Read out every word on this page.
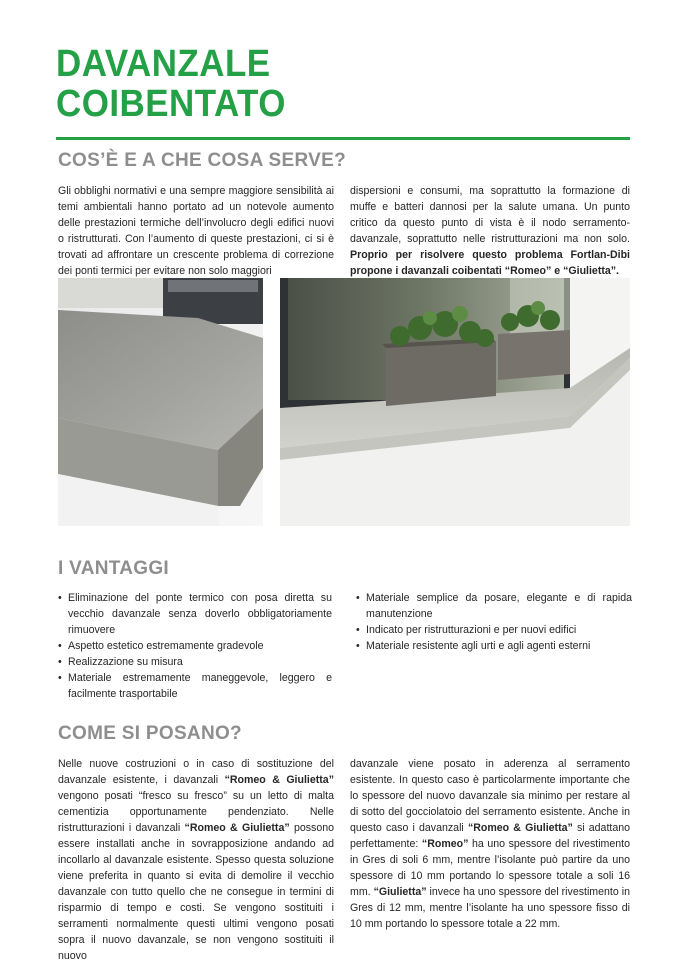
DAVANZALE
COIBENTATO
COS’È E A CHE COSA SERVE?
Gli obblighi normativi e una sempre maggiore sensibilità ai temi ambientali hanno portato ad un notevole aumento delle prestazioni termiche dell’involucro degli edifici nuovi o ristrutturati. Con l’aumento di queste prestazioni, ci si è trovati ad affrontare un crescente problema di correzione dei ponti termici per evitare non solo maggiori
dispersioni e consumi, ma soprattutto la formazione di muffe e batteri dannosi per la salute umana. Un punto critico da questo punto di vista è il nodo serramento-davanzale, soprattutto nelle ristrutturazioni ma non solo. Proprio per risolvere questo problema Fortlan-Dibi propone i davanzali coibentati “Romeo” e “Giulietta”.
I VANTAGGI
• Eliminazione del ponte termico con posa diretta su vecchio davanzale senza doverlo obbligatoriamente rimuovere
• Aspetto estetico estremamente gradevole
• Realizzazione su misura
• Materiale estremamente maneggevole, leggero e facilmente trasportabile
• Materiale semplice da posare, elegante e di rapida manutenzione
• Indicato per ristrutturazioni e per nuovi edifici
• Materiale resistente agli urti e agli agenti esterni
COME SI POSANO?
Nelle nuove costruzioni o in caso di sostituzione del davanzale esistente, i davanzali “Romeo & Giulietta” vengono posati “fresco su fresco” su un letto di malta cementizia opportunamente pendenziato. Nelle ristrutturazioni i davanzali “Romeo & Giulietta” possono essere installati anche in sovrapposizione andando ad incollarlo al davanzale esistente. Spesso questa soluzione viene preferita in quanto si evita di demolire il vecchio davanzale con tutto quello che ne consegue in termini di risparmio di tempo e costi. Se vengono sostituiti i serramenti normalmente questi ultimi vengono posati sopra il nuovo davanzale, se non vengono sostituiti il nuovo
davanzale viene posato in aderenza al serramento esistente. In questo caso è particolarmente importante che lo spessore del nuovo davanzale sia minimo per restare al di sotto del gocciolatoio del serramento esistente. Anche in questo caso i davanzali “Romeo & Giulietta” si adattano perfettamente: “Romeo” ha uno spessore del rivestimento in Gres di soli 6 mm, mentre l’isolante può partire da uno spessore di 10 mm portando lo spessore totale a soli 16 mm. “Giulietta” invece ha uno spessore del rivestimento in Gres di 12 mm, mentre l’isolante ha uno spessore fisso di 10 mm portando lo spessore totale a 22 mm.
